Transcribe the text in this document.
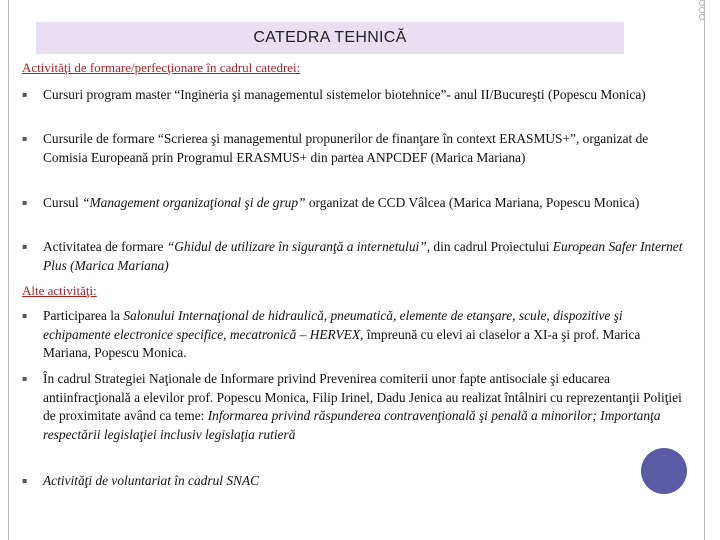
CATEDRA TEHNICĂ
Activităţi de formare/perfecţionare în cadrul catedrei:
▪
Cursuri program master “Ingineria şi managementul sistemelor biotehnice”- anul II/Bucureşti (Popescu Monica)
▪
Cursurile de formare “Scrierea şi managementul propunerilor de finanţare în context ERASMUS+”, organizat de Comisia Europeană prin Programul ERASMUS+ din partea ANPCDEF (Marica Mariana)
▪
Cursul “Management organizaţional şi de grup” organizat de CCD Vâlcea (Marica Mariana, Popescu Monica)
▪
Activitatea de formare “Ghidul de utilizare în siguranţă a internetului”, din cadrul Proiectului European Safer Internet Plus (Marica Mariana)
Alte activităţi:
▪
Participarea la Salonului Internaţional de hidraulică, pneumatică, elemente de etanşare, scule, dispozitive şi echipamente electronice specifice, mecatronică – HERVEX, împreună cu elevi ai claselor a XI-a şi prof. Marica Mariana, Popescu Monica.
▪
În cadrul Strategiei Naţionale de Informare privind Prevenirea comiterii unor fapte antisociale şi educarea antiinfracţională a elevilor prof. Popescu Monica, Filip Irinel, Dadu Jenica au realizat întâlniri cu reprezentanţii Poliţiei de proximitate având ca teme: Informarea privind răspunderea contravenţională şi penală a minorilor; Importanţa respectării legislaţiei inclusiv legislaţia rutieră
▪
Activităţi de voluntariat în cadrul SNAC
